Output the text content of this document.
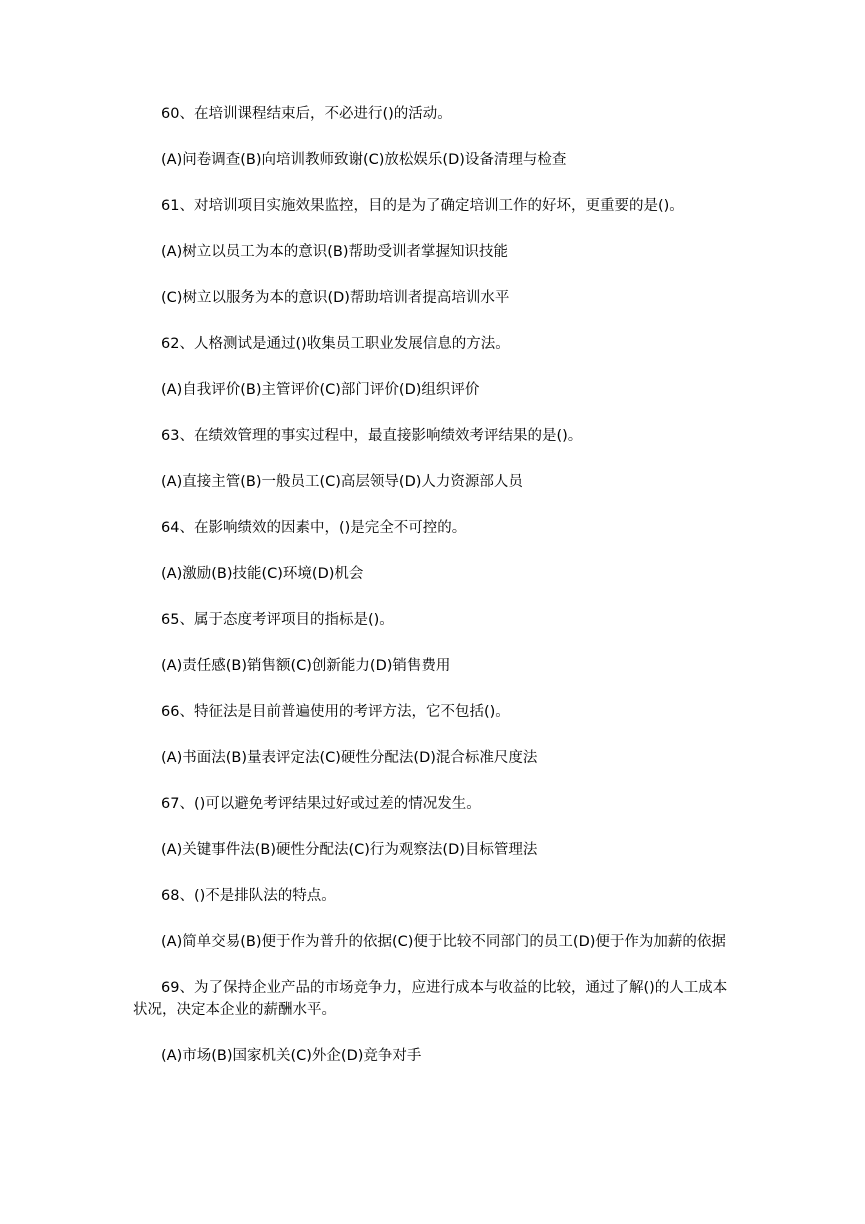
60、在培训课程结束后，不必进行()的活动。

(A)问卷调查(B)向培训教师致谢(C)放松娱乐(D)设备清理与检查

61、对培训项目实施效果监控，目的是为了确定培训工作的好坏，更重要的是()。

(A)树立以员工为本的意识(B)帮助受训者掌握知识技能

(C)树立以服务为本的意识(D)帮助培训者提高培训水平

62、人格测试是通过()收集员工职业发展信息的方法。

(A)自我评价(B)主管评价(C)部门评价(D)组织评价

63、在绩效管理的事实过程中，最直接影响绩效考评结果的是()。

(A)直接主管(B)一般员工(C)高层领导(D)人力资源部人员

64、在影响绩效的因素中，()是完全不可控的。

(A)激励(B)技能(C)环境(D)机会

65、属于态度考评项目的指标是()。

(A)责任感(B)销售额(C)创新能力(D)销售费用

66、特征法是目前普遍使用的考评方法，它不包括()。

(A)书面法(B)量表评定法(C)硬性分配法(D)混合标准尺度法

67、()可以避免考评结果过好或过差的情况发生。

(A)关键事件法(B)硬性分配法(C)行为观察法(D)目标管理法

68、()不是排队法的特点。

(A)简单交易(B)便于作为普升的依据(C)便于比较不同部门的员工(D)便于作为加薪的依据

69、为了保持企业产品的市场竞争力，应进行成本与收益的比较，通过了解()的人工成本状况，决定本企业的薪酬水平。

(A)市场(B)国家机关(C)外企(D)竞争对手
